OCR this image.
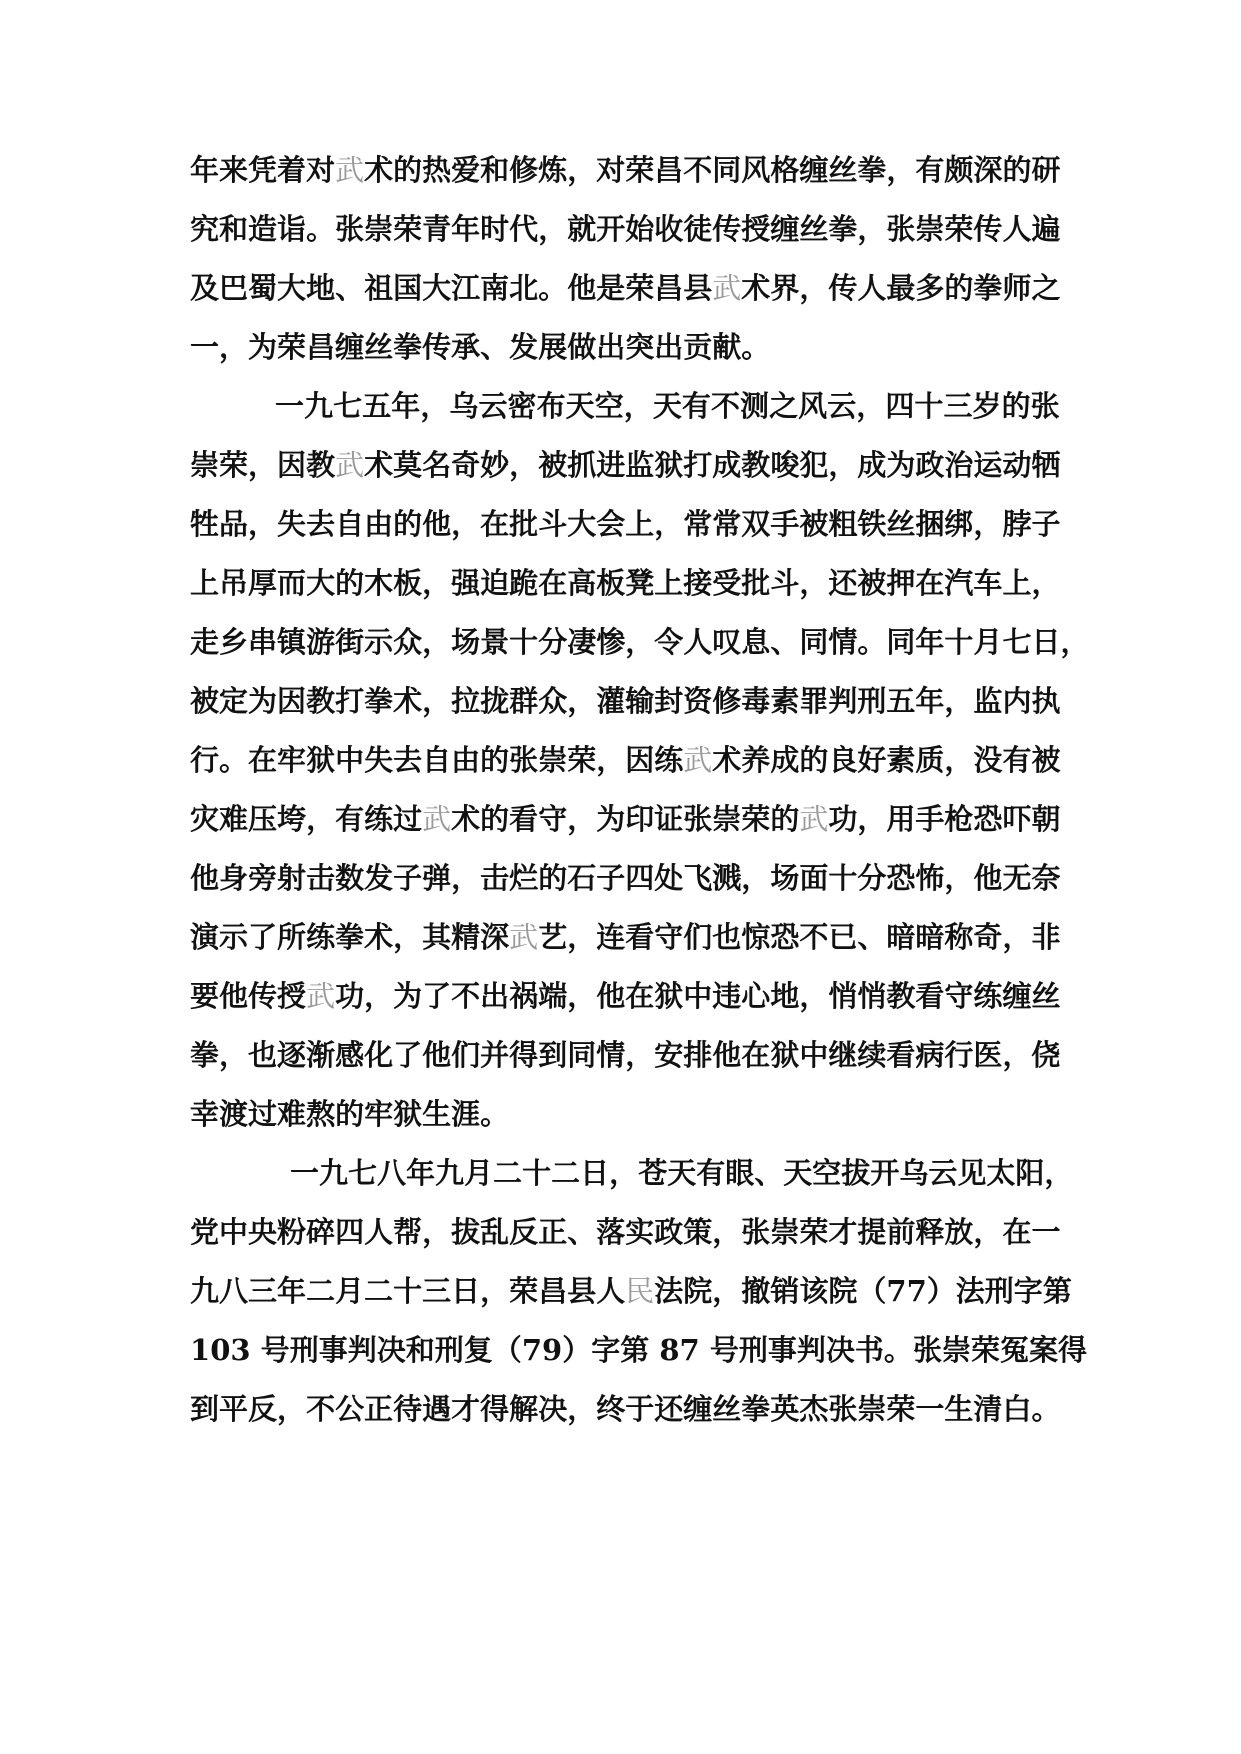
年来凭着对武术的热爱和修炼，对荣昌不同风格缠丝拳，有颇深的研
究和造诣。张崇荣青年时代，就开始收徒传授缠丝拳，张崇荣传人遍
及巴蜀大地、祖国大江南北。他是荣昌县武术界，传人最多的拳师之
一，为荣昌缠丝拳传承、发展做出突出贡献。
一九七五年，乌云密布天空，天有不测之风云，四十三岁的张
崇荣，因教武术莫名奇妙，被抓进监狱打成教唆犯，成为政治运动牺
牲品，失去自由的他，在批斗大会上，常常双手被粗铁丝捆绑，脖子
上吊厚而大的木板，强迫跪在高板凳上接受批斗，还被押在汽车上，
走乡串镇游街示众，场景十分凄惨，令人叹息、同情。同年十月七日，
被定为因教打拳术，拉拢群众，灌输封资修毒素罪判刑五年，监内执
行。在牢狱中失去自由的张崇荣，因练武术养成的良好素质，没有被
灾难压垮，有练过武术的看守，为印证张崇荣的武功，用手枪恐吓朝
他身旁射击数发子弹，击烂的石子四处飞溅，场面十分恐怖，他无奈
演示了所练拳术，其精深武艺，连看守们也惊恐不已、暗暗称奇，非
要他传授武功，为了不出祸端，他在狱中违心地，悄悄教看守练缠丝
拳，也逐渐感化了他们并得到同情，安排他在狱中继续看病行医，侥
幸渡过难熬的牢狱生涯。
一九七八年九月二十二日，苍天有眼、天空拔开乌云见太阳，
党中央粉碎四人帮，拔乱反正、落实政策，张崇荣才提前释放，在一
九八三年二月二十三日，荣昌县人民法院，撤销该院（77）法刑字第
103 号刑事判决和刑复（79）字第 87 号刑事判决书。张崇荣冤案得
到平反，不公正待遇才得解决，终于还缠丝拳英杰张崇荣一生清白。
